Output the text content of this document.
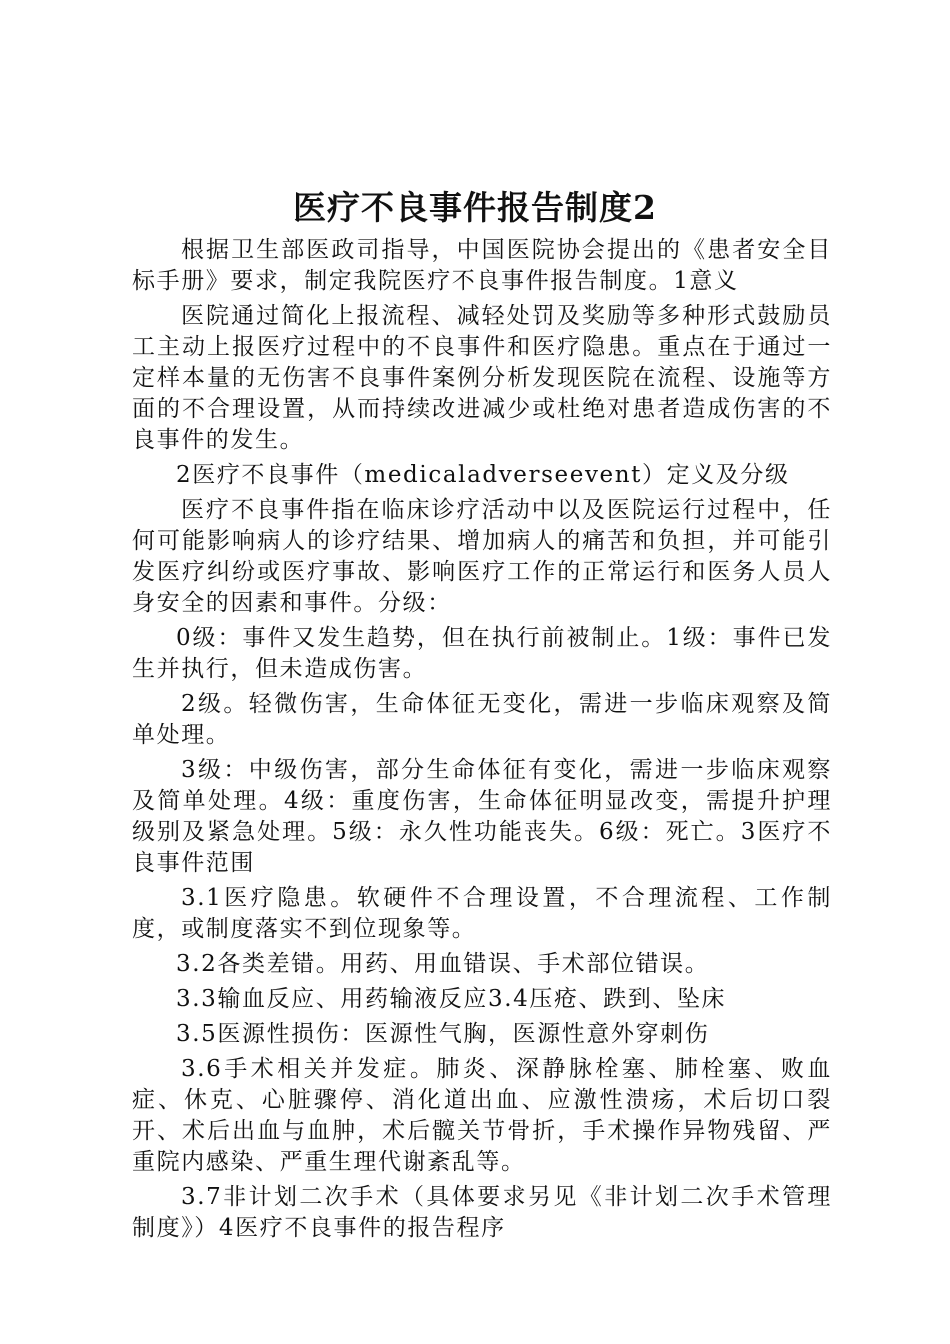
医疗不良事件报告制度2

根据卫生部医政司指导，中国医院协会提出的《患者安全目标手册》要求，制定我院医疗不良事件报告制度。1意义

医院通过简化上报流程、减轻处罚及奖励等多种形式鼓励员工主动上报医疗过程中的不良事件和医疗隐患。重点在于通过一定样本量的无伤害不良事件案例分析发现医院在流程、设施等方面的不合理设置，从而持续改进减少或杜绝对患者造成伤害的不良事件的发生。

2医疗不良事件（medicaladverseevent）定义及分级

医疗不良事件指在临床诊疗活动中以及医院运行过程中，任何可能影响病人的诊疗结果、增加病人的痛苦和负担，并可能引发医疗纠纷或医疗事故、影响医疗工作的正常运行和医务人员人身安全的因素和事件。分级：

0级：事件又发生趋势，但在执行前被制止。1级：事件已发生并执行，但未造成伤害。

2级。轻微伤害，生命体征无变化，需进一步临床观察及简单处理。

3级：中级伤害，部分生命体征有变化，需进一步临床观察及简单处理。4级：重度伤害，生命体征明显改变，需提升护理级别及紧急处理。5级：永久性功能丧失。6级：死亡。3医疗不良事件范围

3.1医疗隐患。软硬件不合理设置，不合理流程、工作制度，或制度落实不到位现象等。

3.2各类差错。用药、用血错误、手术部位错误。

3.3输血反应、用药输液反应3.4压疮、跌到、坠床

3.5医源性损伤：医源性气胸，医源性意外穿刺伤

3.6手术相关并发症。肺炎、深静脉栓塞、肺栓塞、败血症、休克、心脏骤停、消化道出血、应激性溃疡，术后切口裂开、术后出血与血肿，术后髋关节骨折，手术操作异物残留、严重院内感染、严重生理代谢紊乱等。

3.7非计划二次手术（具体要求另见《非计划二次手术管理制度》）4医疗不良事件的报告程序
